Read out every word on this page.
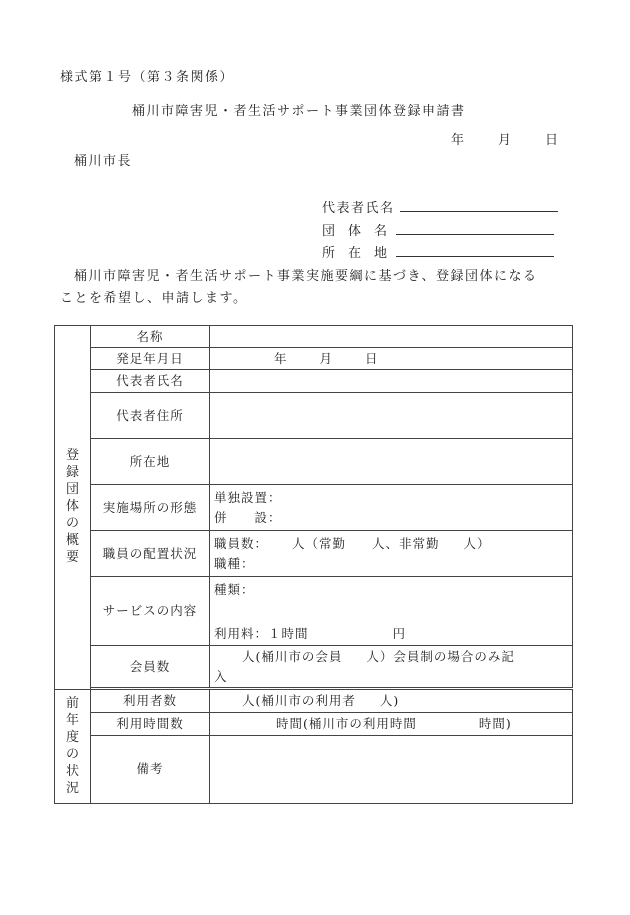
様式第１号（第３条関係）
桶川市障害児・者生活サポート事業団体登録申請書
年	月	日
桶川市長
代表者氏名
団　体　名
所　在　地
桶川市障害児・者生活サポート事業実施要綱に基づき、登録団体になる
ことを希望し、申請します。
登録団体の概要	名称	
	発足年月日	年 月 日
	代表者氏名	
	代表者住所	
	所在地	
	実施場所の形態	単独設置：
併　　設：

	職員の配置状況	職員数： 人（常勤 人、非常勤 人）
職種：

	サービスの内容	種類：
利用料：１時間 円

	会員数	人(桶川市の会員 人）会員制の場合のみ記
入

前年度の状況	利用者数	人(桶川市の利用者 人)
	利用時間数	時間(桶川市の利用時間 時間)
	備考	
